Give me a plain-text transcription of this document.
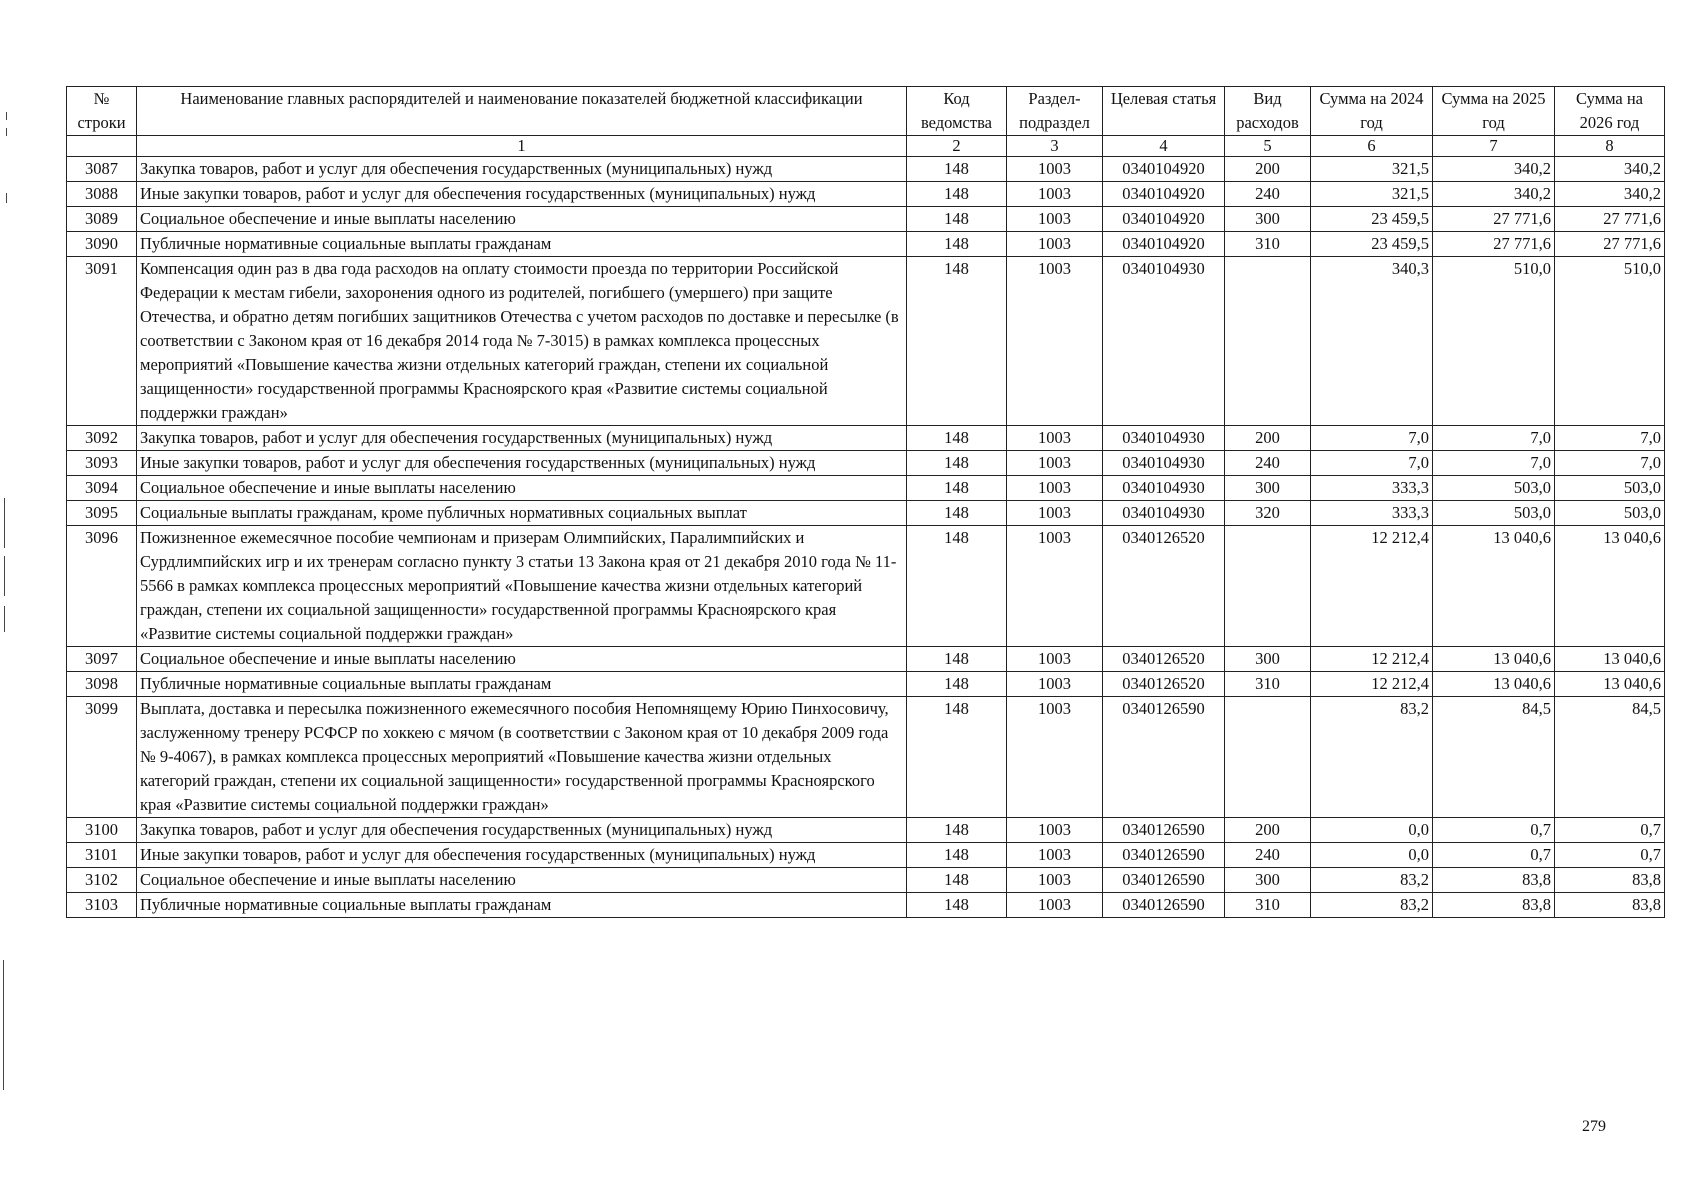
№ строки	Наименование главных распорядителей и наименование показателей бюджетной классификации	Код ведомства	Раздел-подраздел	Целевая статья	Вид расходов	Сумма на 2024 год	Сумма на 2025 год	Сумма на 2026 год
	1	2	3	4	5	6	7	8
3087	Закупка товаров, работ и услуг для обеспечения государственных (муниципальных) нужд	148	1003	0340104920	200	321,5	340,2	340,2
3088	Иные закупки товаров, работ и услуг для обеспечения государственных (муниципальных) нужд	148	1003	0340104920	240	321,5	340,2	340,2
3089	Социальное обеспечение и иные выплаты населению	148	1003	0340104920	300	23 459,5	27 771,6	27 771,6
3090	Публичные нормативные социальные выплаты гражданам	148	1003	0340104920	310	23 459,5	27 771,6	27 771,6
3091	Компенсация один раз в два года расходов на оплату стоимости проезда по территории Российской Федерации к местам гибели, захоронения одного из родителей, погибшего (умершего) при защите Отечества, и обратно детям погибших защитников Отечества с учетом расходов по доставке и пересылке (в соответствии с Законом края от 16 декабря 2014 года № 7-3015) в рамках комплекса процессных мероприятий «Повышение качества жизни отдельных категорий граждан, степени их социальной защищенности» государственной программы Красноярского края «Развитие системы социальной поддержки граждан»	148	1003	0340104930		340,3	510,0	510,0
3092	Закупка товаров, работ и услуг для обеспечения государственных (муниципальных) нужд	148	1003	0340104930	200	7,0	7,0	7,0
3093	Иные закупки товаров, работ и услуг для обеспечения государственных (муниципальных) нужд	148	1003	0340104930	240	7,0	7,0	7,0
3094	Социальное обеспечение и иные выплаты населению	148	1003	0340104930	300	333,3	503,0	503,0
3095	Социальные выплаты гражданам, кроме публичных нормативных социальных выплат	148	1003	0340104930	320	333,3	503,0	503,0
3096	Пожизненное ежемесячное пособие чемпионам и призерам Олимпийских, Паралимпийских и Сурдлимпийских игр и их тренерам согласно пункту 3 статьи 13 Закона края от 21 декабря 2010 года № 11-5566 в рамках комплекса процессных мероприятий «Повышение качества жизни отдельных категорий граждан, степени их социальной защищенности» государственной программы Красноярского края «Развитие системы социальной поддержки граждан»	148	1003	0340126520		12 212,4	13 040,6	13 040,6
3097	Социальное обеспечение и иные выплаты населению	148	1003	0340126520	300	12 212,4	13 040,6	13 040,6
3098	Публичные нормативные социальные выплаты гражданам	148	1003	0340126520	310	12 212,4	13 040,6	13 040,6
3099	Выплата, доставка и пересылка пожизненного ежемесячного пособия Непомнящему Юрию Пинхосовичу, заслуженному тренеру РСФСР по хоккею с мячом (в соответствии с Законом края от 10 декабря 2009 года № 9-4067), в рамках комплекса процессных мероприятий «Повышение качества жизни отдельных категорий граждан, степени их социальной защищенности» государственной программы Красноярского края «Развитие системы социальной поддержки граждан»	148	1003	0340126590		83,2	84,5	84,5
3100	Закупка товаров, работ и услуг для обеспечения государственных (муниципальных) нужд	148	1003	0340126590	200	0,0	0,7	0,7
3101	Иные закупки товаров, работ и услуг для обеспечения государственных (муниципальных) нужд	148	1003	0340126590	240	0,0	0,7	0,7
3102	Социальное обеспечение и иные выплаты населению	148	1003	0340126590	300	83,2	83,8	83,8
3103	Публичные нормативные социальные выплаты гражданам	148	1003	0340126590	310	83,2	83,8	83,8
279
